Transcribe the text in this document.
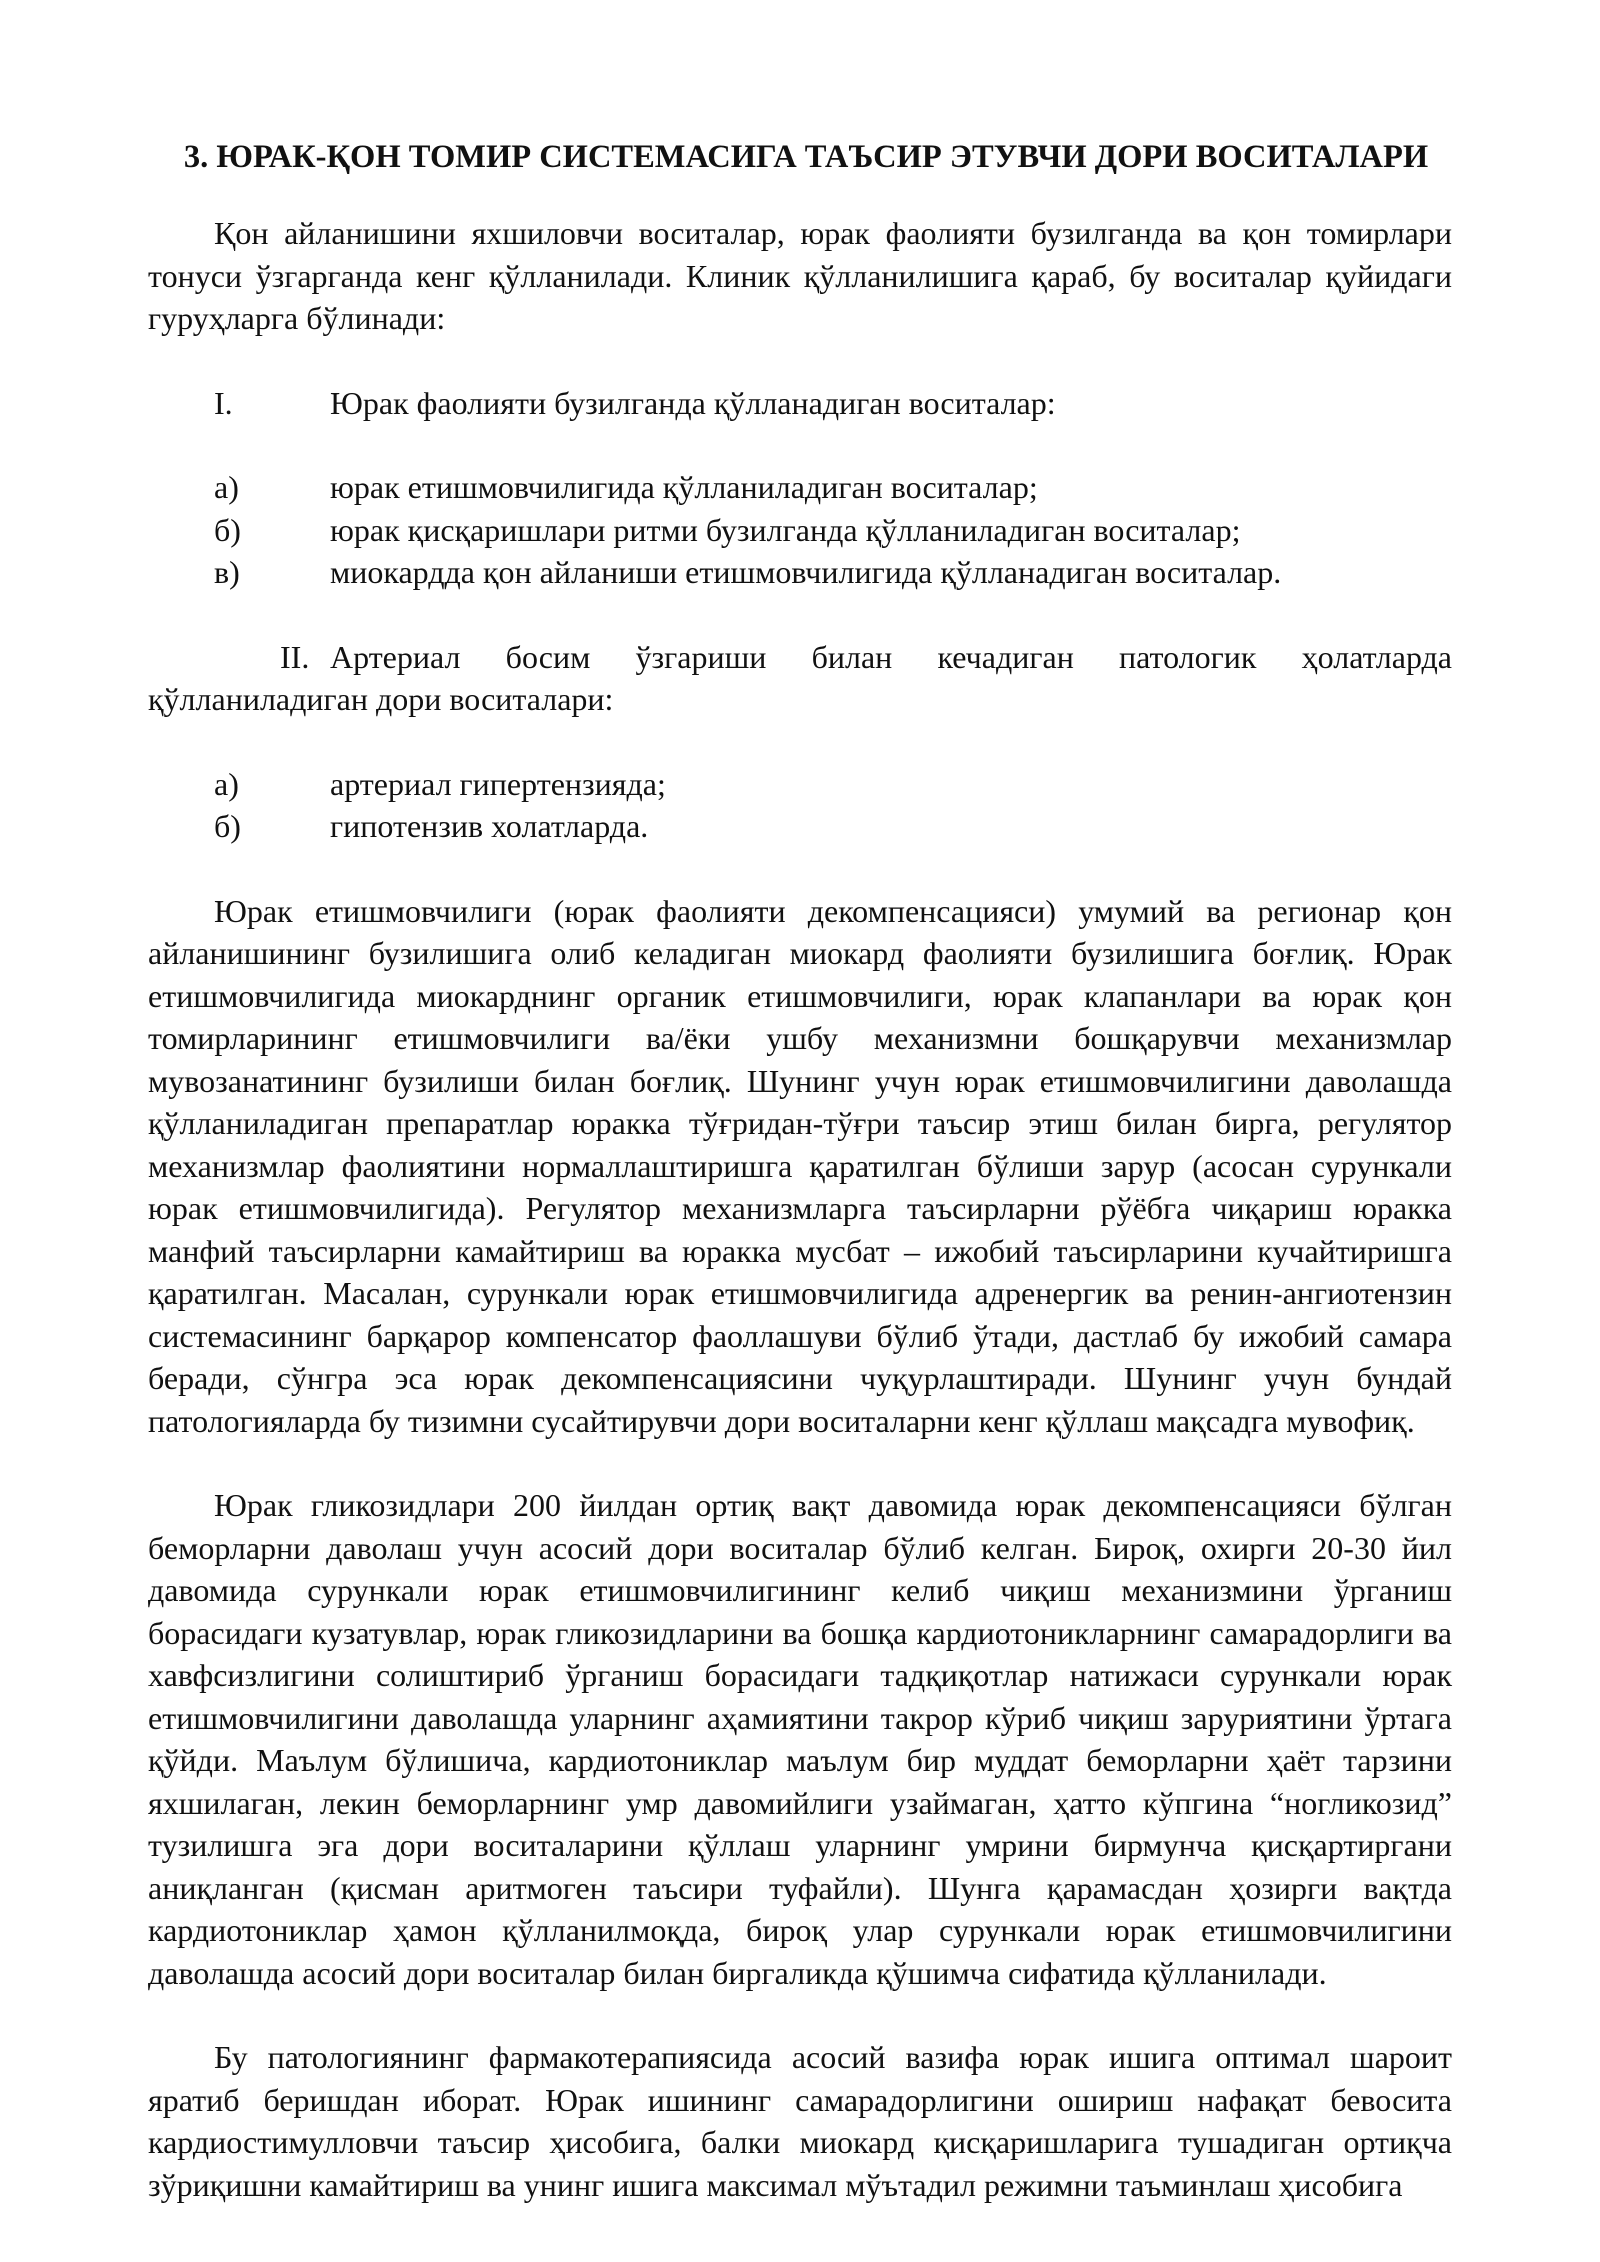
3. ЮРАК-ҚОН ТОМИР СИСТЕМАСИГА ТАЪСИР ЭТУВЧИ ДОРИ ВОСИТАЛАРИ

Қон айланишини яхшиловчи воситалар, юрак фаолияти бузилганда ва қон томирлари тонуси ўзгарганда кенг қўлланилади. Клиник қўлланилишига қараб, бу воситалар қуйидаги гуруҳларга бўлинади:

I.	Юрак фаолияти бузилганда қўлланадиган воситалар:
а)	юрак етишмовчилигида қўлланиладиган воситалар;
б)	юрак қисқаришлари ритми бузилганда қўлланиладиган воситалар;
в)	миокардда қон айланиши етишмовчилигида қўлланадиган воситалар.

II. Артериал босим ўзгариши билан кечадиган патологик ҳолатларда қўлланиладиган дори воситалари:

а)	артериал гипертензияда;
б)	гипотензив холатларда.

Юрак етишмовчилиги (юрак фаолияти декомпенсацияси) умумий ва регионар қон айланишининг бузилишига олиб келадиган миокард фаолияти бузилишига боғлиқ. Юрак етишмовчилигида миокарднинг органик етишмовчилиги, юрак клапанлари ва юрак қон томирларининг етишмовчилиги ва/ёки ушбу механизмни бошқарувчи механизмлар мувозанатининг бузилиши билан боғлиқ. Шунинг учун юрак етишмовчилигини даволашда қўлланиладиган препаратлар юракка тўғридан-тўғри таъсир этиш билан бирга, регулятор механизмлар фаолиятини нормаллаштиришга қаратилган бўлиши зарур (асосан сурункали юрак етишмовчилигида). Регулятор механизмларга таъсирларни рўёбга чиқариш юракка манфий таъсирларни камайтириш ва юракка мусбат – ижобий таъсирларини кучайтиришга қаратилган. Масалан, сурункали юрак етишмовчилигида адренергик ва ренин-ангиотензин системасининг барқарор компенсатор фаоллашуви бўлиб ўтади, дастлаб бу ижобий самара беради, сўнгра эса юрак декомпенсациясини чуқурлаштиради. Шунинг учун бундай патологияларда бу тизимни сусайтирувчи дори воситаларни кенг қўллаш мақсадга мувофиқ.

Юрак гликозидлари 200 йилдан ортиқ вақт давомида юрак декомпенсацияси бўлган беморларни даволаш учун асосий дори воситалар бўлиб келган. Бироқ, охирги 20-30 йил давомида сурункали юрак етишмовчилигининг келиб чиқиш механизмини ўрганиш борасидаги кузатувлар, юрак гликозидларини ва бошқа кардиотоникларнинг самарадорлиги ва хавфсизлигини солиштириб ўрганиш борасидаги тадқиқотлар натижаси сурункали юрак етишмовчилигини даволашда уларнинг аҳамиятини такрор кўриб чиқиш заруриятини ўртага қўйди. Маълум бўлишича, кардиотониклар маълум бир муддат беморларни ҳаёт тарзини яхшилаган, лекин беморларнинг умр давомийлиги узаймаган, ҳатто кўпгина “ногликозид” тузилишга эга дори воситаларини қўллаш уларнинг умрини бирмунча қисқартиргани аниқланган (қисман аритмоген таъсири туфайли). Шунга қарамасдан ҳозирги вақтда кардиотониклар ҳамон қўлланилмоқда, бироқ улар сурункали юрак етишмовчилигини даволашда асосий дори воситалар билан биргаликда қўшимча сифатида қўлланилади.

Бу патологиянинг фармакотерапиясида асосий вазифа юрак ишига оптимал шароит яратиб беришдан иборат. Юрак ишининг самарадорлигини ошириш нафақат бевосита кардиостимулловчи таъсир ҳисобига, балки миокард қисқаришларига тушадиган ортиқча зўриқишни камайтириш ва унинг ишига максимал мўътадил режимни таъминлаш ҳисобига
